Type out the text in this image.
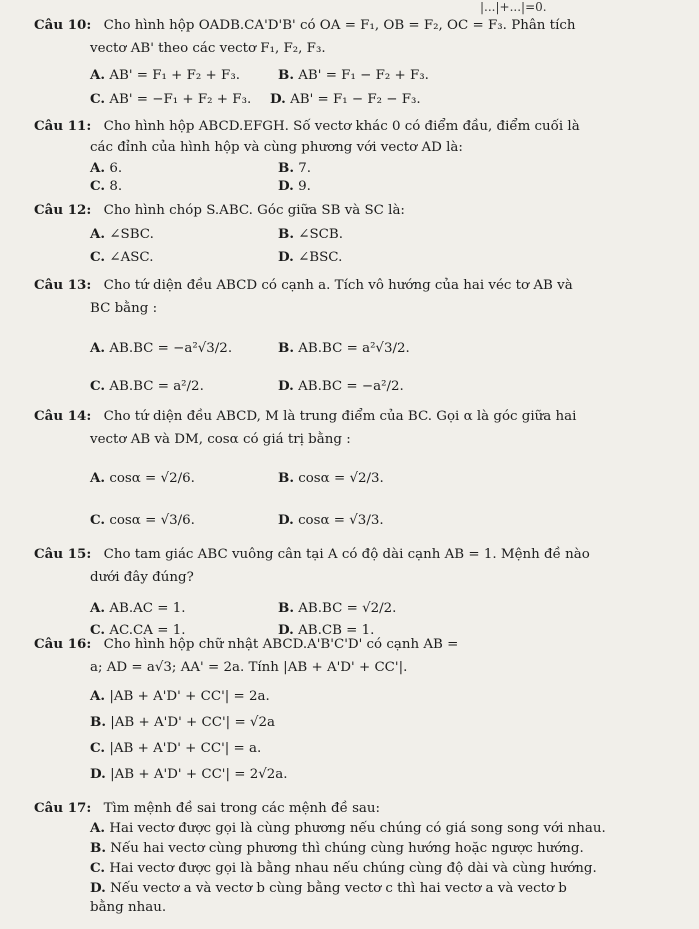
|...|+...|=0.
Câu 10: Cho hình hộp OADB.CA'D'B' có OA = F₁, OB = F₂, OC = F₃. Phân tích
vectơ AB' theo các vectơ F₁, F₂, F₃.
A. AB' = F₁ + F₂ + F₃.	B. AB' = F₁ − F₂ + F₃.
C. AB' = −F₁ + F₂ + F₃. D. AB' = F₁ − F₂ − F₃.
Câu 11: Cho hình hộp ABCD.EFGH. Số vectơ khác 0 có điểm đầu, điểm cuối là
các đỉnh của hình hộp và cùng phương với vectơ AD là:
A. 6.	B. 7.
C. 8.	D. 9.
Câu 12: Cho hình chóp S.ABC. Góc giữa SB và SC là:
A. ∠SBC.	B. ∠SCB.
C. ∠ASC.	D. ∠BSC.
Câu 13: Cho tứ diện đều ABCD có cạnh a. Tích vô hướng của hai véc tơ AB và
BC bằng :
A. AB.BC = −a²√3/2.	B. AB.BC = a²√3/2.
C. AB.BC = a²/2.	D. AB.BC = −a²/2.
Câu 14: Cho tứ diện đều ABCD, M là trung điểm của BC. Gọi α là góc giữa hai
vectơ AB và DM, cosα có giá trị bằng :
A. cosα = √2/6.	B. cosα = √2/3.
C. cosα = √3/6.	D. cosα = √3/3.
Câu 15: Cho tam giác ABC vuông cân tại A có độ dài cạnh AB = 1. Mệnh đề nào
dưới đây đúng?
A. AB.AC = 1.	B. AB.BC = √2/2.
C. AC.CA = 1.	D. AB.CB = 1.
Câu 16: Cho hình hộp chữ nhật ABCD.A'B'C'D' có cạnh AB =
a; AD = a√3; AA' = 2a. Tính |AB + A'D' + CC'|.
A. |AB + A'D' + CC'| = 2a.
B. |AB + A'D' + CC'| = √2a
C. |AB + A'D' + CC'| = a.
D. |AB + A'D' + CC'| = 2√2a.
Câu 17: Tìm mệnh đề sai trong các mệnh đề sau:
A. Hai vectơ được gọi là cùng phương nếu chúng có giá song song với nhau.
B. Nếu hai vectơ cùng phương thì chúng cùng hướng hoặc ngược hướng.
C. Hai vectơ được gọi là bằng nhau nếu chúng cùng độ dài và cùng hướng.
D. Nếu vectơ a và vectơ b cùng bằng vectơ c thì hai vectơ a và vectơ b
bằng nhau.
